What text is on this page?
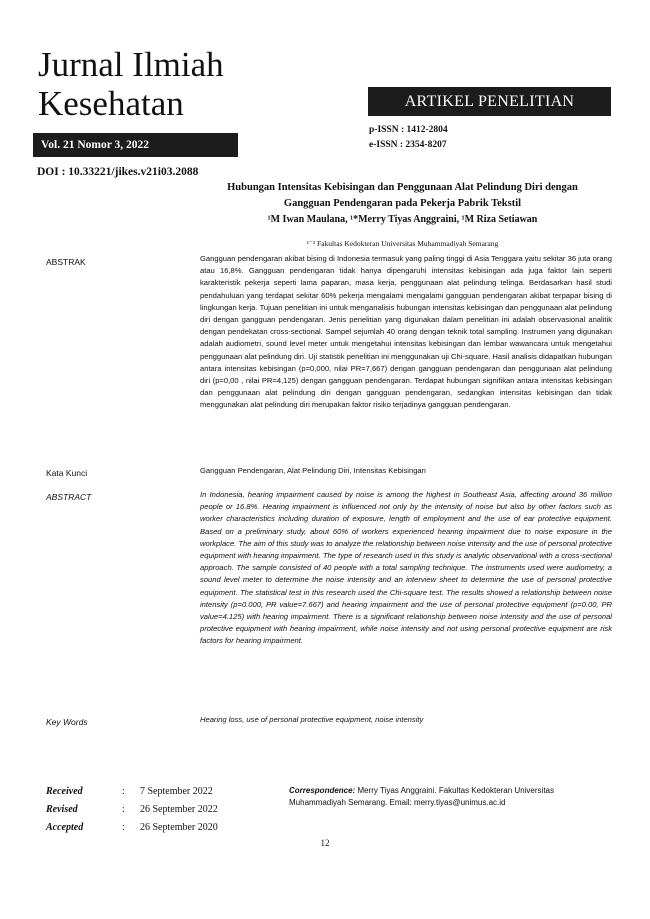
Jurnal Ilmiah
Kesehatan
Vol. 21 Nomor 3, 2022
ARTIKEL PENELITIAN
p-ISSN : 1412-2804
e-ISSN : 2354-8207
DOI : 10.33221/jikes.v21i03.2088
Hubungan Intensitas Kebisingan dan Penggunaan Alat Pelindung Diri dengan
Gangguan Pendengaran pada Pekerja Pabrik Tekstil
¹M Iwan Maulana, ¹*Merry Tiyas Anggraini, ¹M Riza Setiawan
¹⁻³ Fakultas Kedokteran Universitas Muhammadiyah Semarang
ABSTRAK	Gangguan pendengaran akibat bising di Indonesia termasuk yang paling tinggi di Asia Tenggara yaitu sekitar 36 juta orang atau 16,8%. Gangguan pendengaran tidak hanya dipengaruhi intensitas kebisingan ada juga faktor lain seperti karakteristik pekerja seperti lama paparan, masa kerja, penggunaan alat pelindung telinga. Berdasarkan hasil studi pendahuluan yang terdapat sekitar 60% pekerja mengalami mengalami gangguan pendengaran akibat terpapar bising di lingkungan kerja. Tujuan penelitian ini untuk menganalisis hubungan intensitas kebisingan dan penggunaan alat pelindung diri dengan gangguan pendengaran. Jenis penelitian yang digunakan dalam penelitian ini adalah observasional analitik dengan pendekatan cross-sectional. Sampel sejumlah 40 orang dengan teknik total sampling. Instrumen yang digunakan adalah audiometri, sound level meter untuk mengetahui intensitas kebisingan dan lembar wawancara untuk mengetahui penggunaan alat pelindung diri. Uji statistik penelitian ini menggunakan uji Chi-square. Hasil analisis didapatkan hubungan antara intensitas kebisingan (p=0,000, nilai PR=7,667) dengan gangguan pendengaran dan penggunaan alat pelindung diri (p=0,00 , nilai PR=4,125) dengan gangguan pendengaran. Terdapat hubungan signifikan antara intensitas kebisingan dan penggunaan alat pelindung diri dengan gangguan pendengaran, sedangkan intensitas kebisingan dan tidak menggunakan alat pelindung diri merupakan faktor risiko terjadinya gangguan pendengaran.

Kata Kunci	Gangguan Pendengaran, Alat Pelindung Diri, Intensitas Kebisingan
ABSTRACT	In Indonesia, hearing impairment caused by noise is among the highest in Southeast Asia, affecting around 36 million people or 16.8%. Hearing impairment is influenced not only by the intensity of noise but also by other factors such as worker characteristics including duration of exposure, length of employment and the use of ear protective equipment. Based on a preliminary study, about 60% of workers experienced hearing impairment due to noise exposure in the workplace. The aim of this study was to analyze the relationship between noise intensity and the use of personal protective equipment with hearing impairment. The type of research used in this study is analytic observational with a cross-sectional approach. The sample consisted of 40 people with a total sampling technique. The instruments used were audiometry, a sound level meter to determine the noise intensity and an interview sheet to determine the use of personal protective equipment. The statistical test in this research used the Chi-square test. The results showed a relationship between noise intensity (p=0.000, PR value=7.667) and hearing impairment and the use of personal protective equipment (p=0.00, PR value=4.125) with hearing impairment. There is a significant relationship between noise intensity and the use of personal protective equipment with hearing impairment, while noise intensity and not using personal protective equipment are risk factors for hearing impairment.

Key Words	Hearing loss, use of personal protective equipment, noise intensity
Received	: 7 September 2022
Revised	: 26 September 2022
Accepted	: 26 September 2020
Correspondence: Merry Tiyas Anggraini. Fakultas Kedokteran Universitas Muhammadiyah Semarang. Email: merry.tiyas@unimus.ac.id
12
